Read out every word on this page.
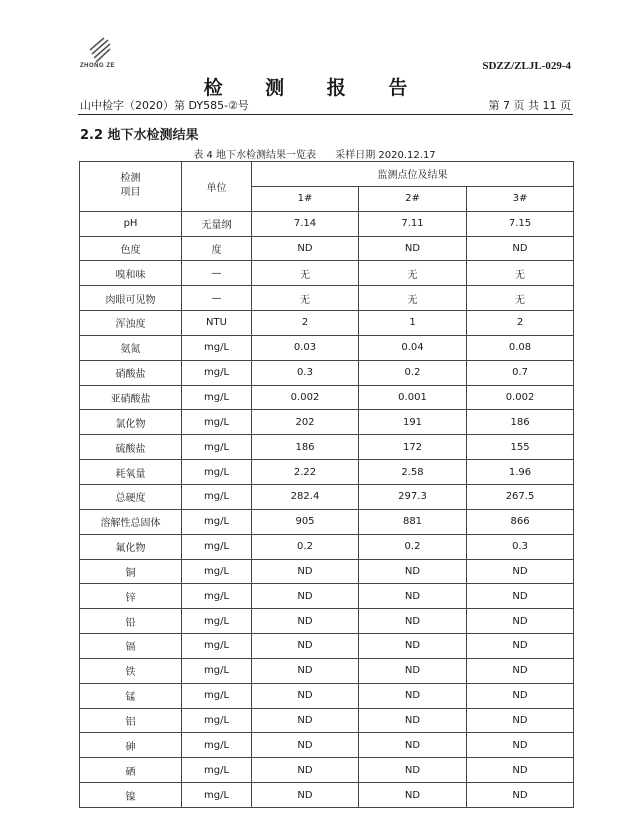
ZHONG ZE	SDZZ/ZLJL-029-4
检 测 报 告
山中检字（2020）第 DY585-②号	第 7 页 共 11 页
2.2 地下水检测结果
表 4 地下水检测结果一览表 采样日期 2020.12.17
检测
项目	单位	监测点位及结果		
		1#	2#	3#
pH	无量纲	7.14	7.11	7.15
色度	度	ND	ND	ND
嗅和味	—	无	无	无
肉眼可见物	—	无	无	无
浑浊度	NTU	2	1	2
氨氮	mg/L	0.03	0.04	0.08
硝酸盐	mg/L	0.3	0.2	0.7
亚硝酸盐	mg/L	0.002	0.001	0.002
氯化物	mg/L	202	191	186
硫酸盐	mg/L	186	172	155
耗氧量	mg/L	2.22	2.58	1.96
总硬度	mg/L	282.4	297.3	267.5
溶解性总固体	mg/L	905	881	866
氟化物	mg/L	0.2	0.2	0.3
铜	mg/L	ND	ND	ND
锌	mg/L	ND	ND	ND
铅	mg/L	ND	ND	ND
镉	mg/L	ND	ND	ND
铁	mg/L	ND	ND	ND
锰	mg/L	ND	ND	ND
铝	mg/L	ND	ND	ND
砷	mg/L	ND	ND	ND
硒	mg/L	ND	ND	ND
镍	mg/L	ND	ND	ND
